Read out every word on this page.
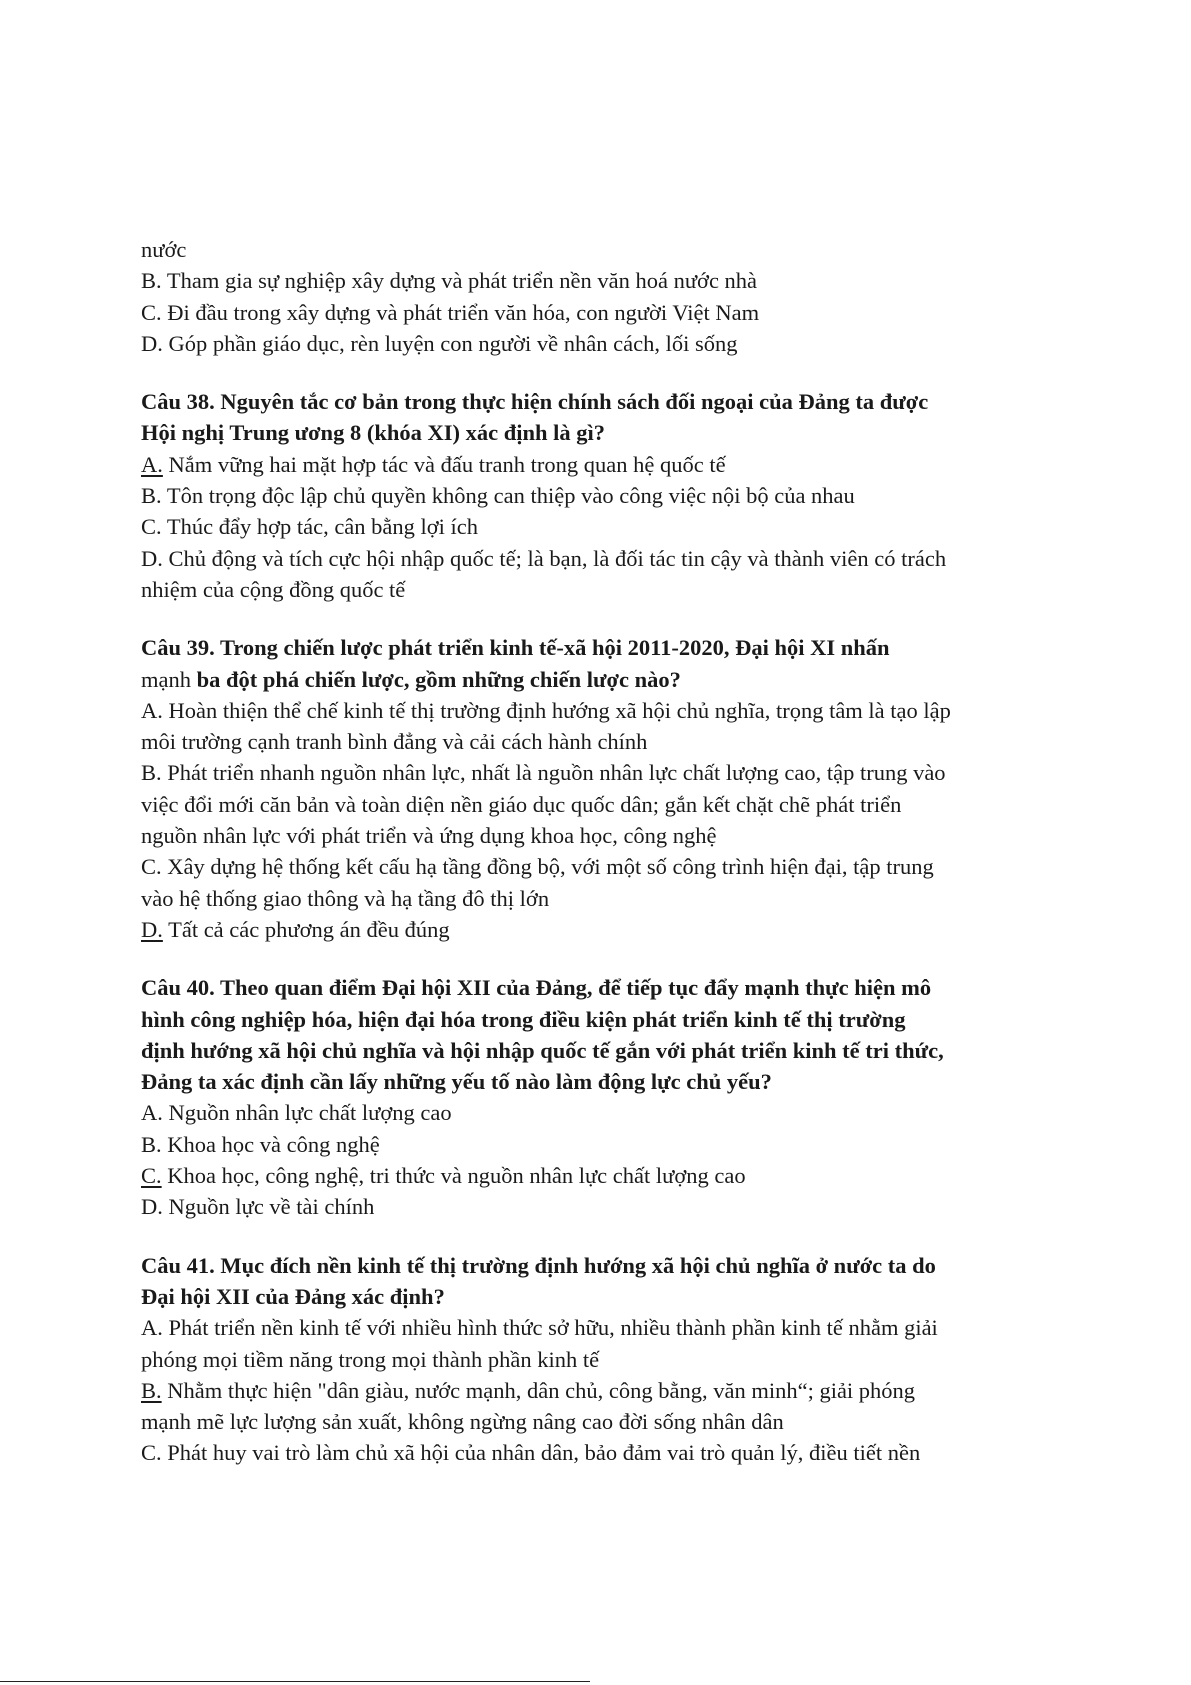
nước
B. Tham gia sự nghiệp xây dựng và phát triển nền văn hoá nước nhà
C. Đi đầu trong xây dựng và phát triển văn hóa, con người Việt Nam
D. Góp phần giáo dục, rèn luyện con người về nhân cách, lối sống
Câu 38. Nguyên tắc cơ bản trong thực hiện chính sách đối ngoại của Đảng ta được
Hội nghị Trung ương 8 (khóa XI) xác định là gì?
A. Nắm vững hai mặt hợp tác và đấu tranh trong quan hệ quốc tế
B. Tôn trọng độc lập chủ quyền không can thiệp vào công việc nội bộ của nhau
C. Thúc đẩy hợp tác, cân bằng lợi ích
D. Chủ động và tích cực hội nhập quốc tế; là bạn, là đối tác tin cậy và thành viên có trách
nhiệm của cộng đồng quốc tế
Câu 39. Trong chiến lược phát triển kinh tế-xã hội 2011-2020, Đại hội XI nhấn
mạnh ba đột phá chiến lược, gồm những chiến lược nào?
A. Hoàn thiện thể chế kinh tế thị trường định hướng xã hội chủ nghĩa, trọng tâm là tạo lập
môi trường cạnh tranh bình đẳng và cải cách hành chính
B. Phát triển nhanh nguồn nhân lực, nhất là nguồn nhân lực chất lượng cao, tập trung vào
việc đổi mới căn bản và toàn diện nền giáo dục quốc dân; gắn kết chặt chẽ phát triển
nguồn nhân lực với phát triển và ứng dụng khoa học, công nghệ
C. Xây dựng hệ thống kết cấu hạ tầng đồng bộ, với một số công trình hiện đại, tập trung
vào hệ thống giao thông và hạ tầng đô thị lớn
D. Tất cả các phương án đều đúng
Câu 40. Theo quan điểm Đại hội XII của Đảng, để tiếp tục đẩy mạnh thực hiện mô
hình công nghiệp hóa, hiện đại hóa trong điều kiện phát triển kinh tế thị trường
định hướng xã hội chủ nghĩa và hội nhập quốc tế gắn với phát triển kinh tế tri thức,
Đảng ta xác định cần lấy những yếu tố nào làm động lực chủ yếu?
A. Nguồn nhân lực chất lượng cao
B. Khoa học và công nghệ
C. Khoa học, công nghệ, tri thức và nguồn nhân lực chất lượng cao
D. Nguồn lực về tài chính
Câu 41. Mục đích nền kinh tế thị trường định hướng xã hội chủ nghĩa ở nước ta do
Đại hội XII của Đảng xác định?
A. Phát triển nền kinh tế với nhiều hình thức sở hữu, nhiều thành phần kinh tế nhằm giải
phóng mọi tiềm năng trong mọi thành phần kinh tế
B. Nhằm thực hiện "dân giàu, nước mạnh, dân chủ, công bằng, văn minh“; giải phóng
mạnh mẽ lực lượng sản xuất, không ngừng nâng cao đời sống nhân dân
C. Phát huy vai trò làm chủ xã hội của nhân dân, bảo đảm vai trò quản lý, điều tiết nền
